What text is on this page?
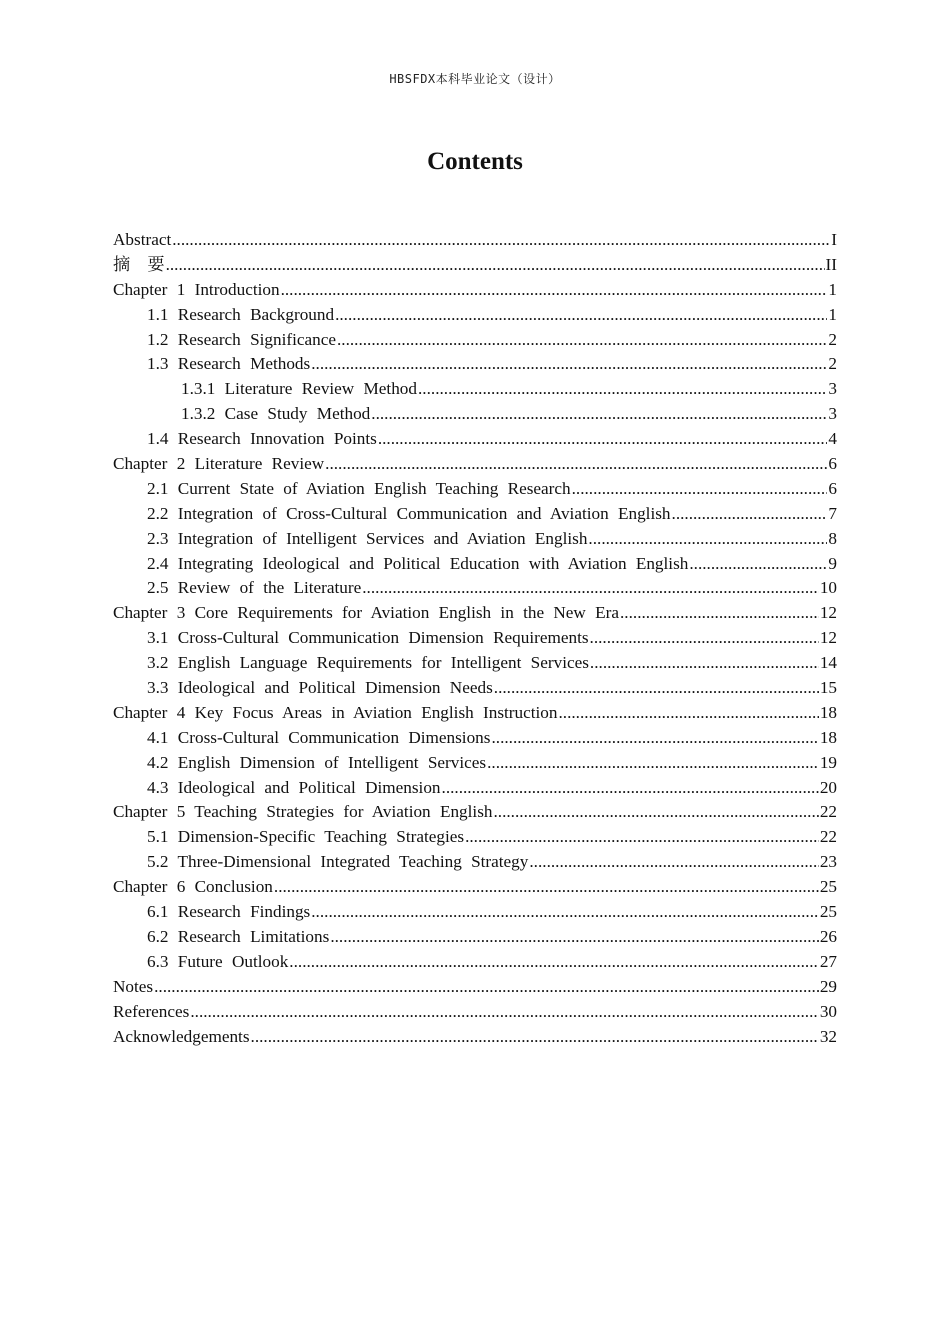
HBSFDX本科毕业论文（设计）
Contents
Abstract .....	I
摘　要 .....	II
Chapter 1 Introduction .....	1
1.1 Research Background .....	1
1.2 Research Significance .....	2
1.3 Research Methods .....	2
1.3.1 Literature Review Method .....	3
1.3.2 Case Study Method .....	3
1.4 Research Innovation Points .....	4
Chapter 2 Literature Review .....	6
2.1 Current State of Aviation English Teaching Research .....	6
2.2 Integration of Cross-Cultural Communication and Aviation English .....	7
2.3 Integration of Intelligent Services and Aviation English .....	8
2.4 Integrating Ideological and Political Education with Aviation English .....	9
2.5 Review of the Literature .....	10
Chapter 3 Core Requirements for Aviation English in the New Era .....	12
3.1 Cross-Cultural Communication Dimension Requirements .....	12
3.2 English Language Requirements for Intelligent Services .....	14
3.3 Ideological and Political Dimension Needs .....	15
Chapter 4 Key Focus Areas in Aviation English Instruction .....	18
4.1 Cross-Cultural Communication Dimensions .....	18
4.2 English Dimension of Intelligent Services .....	19
4.3 Ideological and Political Dimension .....	20
Chapter 5 Teaching Strategies for Aviation English .....	22
5.1 Dimension-Specific Teaching Strategies .....	22
5.2 Three-Dimensional Integrated Teaching Strategy .....	23
Chapter 6 Conclusion .....	25
6.1 Research Findings .....	25
6.2 Research Limitations .....	26
6.3 Future Outlook .....	27
Notes .....	29
References .....	30
Acknowledgements .....	32
